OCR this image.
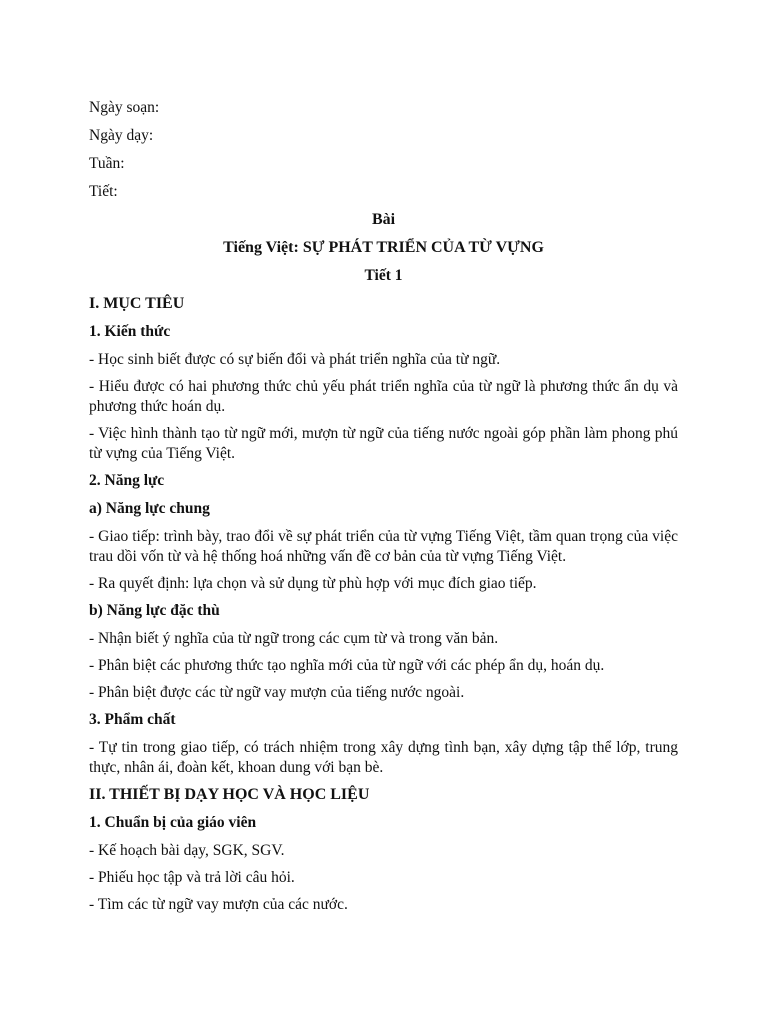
Ngày soạn:
Ngày dạy:
Tuần:
Tiết:
Bài
Tiếng Việt: SỰ PHÁT TRIỂN CỦA TỪ VỰNG
Tiết 1
I. MỤC TIÊU
1. Kiến thức
- Học sinh biết được có sự biến đổi và phát triển nghĩa của từ ngữ.
- Hiểu được có hai phương thức chủ yếu phát triển nghĩa của từ ngữ là phương thức ẩn dụ và phương thức hoán dụ.
- Việc hình thành tạo từ ngữ mới, mượn từ ngữ của tiếng nước ngoài góp phần làm phong phú từ vựng của Tiếng Việt.
2. Năng lực
a) Năng lực chung
- Giao tiếp: trình bày, trao đổi về sự phát triển của từ vựng Tiếng Việt, tầm quan trọng của việc trau dồi vốn từ và hệ thống hoá những vấn đề cơ bản của từ vựng Tiếng Việt.
- Ra quyết định: lựa chọn và sử dụng từ phù hợp với mục đích giao tiếp.
b) Năng lực đặc thù
- Nhận biết ý nghĩa của từ ngữ trong các cụm từ và trong văn bản.
- Phân biệt các phương thức tạo nghĩa mới của từ ngữ với các phép ẩn dụ, hoán dụ.
- Phân biệt được các từ ngữ vay mượn của tiếng nước ngoài.
3. Phẩm chất
- Tự tin trong giao tiếp, có trách nhiệm trong xây dựng tình bạn, xây dựng tập thể lớp, trung thực, nhân ái, đoàn kết, khoan dung với bạn bè.
II. THIẾT BỊ DẠY HỌC VÀ HỌC LIỆU
1. Chuẩn bị của giáo viên
- Kế hoạch bài dạy, SGK, SGV.
- Phiếu học tập và trả lời câu hỏi.
- Tìm các từ ngữ vay mượn của các nước.
